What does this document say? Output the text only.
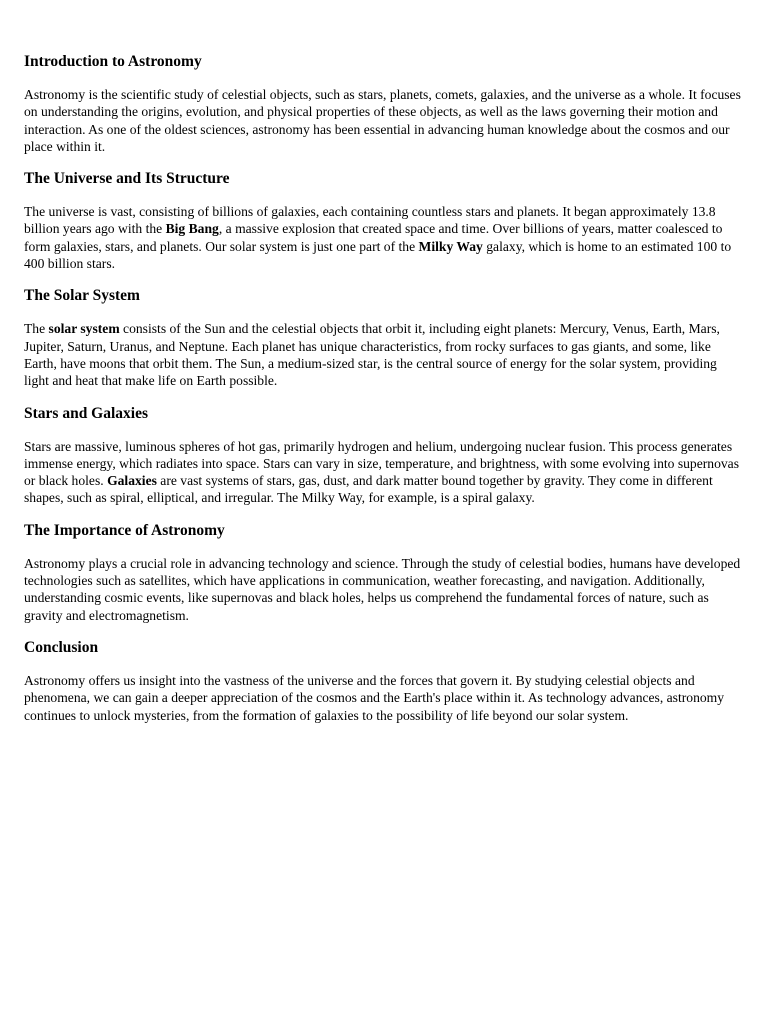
Introduction to Astronomy

Astronomy is the scientific study of celestial objects, such as stars, planets, comets, galaxies, and the universe as a whole. It focuses on understanding the origins, evolution, and physical properties of these objects, as well as the laws governing their motion and interaction. As one of the oldest sciences, astronomy has been essential in advancing human knowledge about the cosmos and our place within it.

The Universe and Its Structure

The universe is vast, consisting of billions of galaxies, each containing countless stars and planets. It began approximately 13.8 billion years ago with the Big Bang, a massive explosion that created space and time. Over billions of years, matter coalesced to form galaxies, stars, and planets. Our solar system is just one part of the Milky Way galaxy, which is home to an estimated 100 to 400 billion stars.

The Solar System

The solar system consists of the Sun and the celestial objects that orbit it, including eight planets: Mercury, Venus, Earth, Mars, Jupiter, Saturn, Uranus, and Neptune. Each planet has unique characteristics, from rocky surfaces to gas giants, and some, like Earth, have moons that orbit them. The Sun, a medium-sized star, is the central source of energy for the solar system, providing light and heat that make life on Earth possible.

Stars and Galaxies

Stars are massive, luminous spheres of hot gas, primarily hydrogen and helium, undergoing nuclear fusion. This process generates immense energy, which radiates into space. Stars can vary in size, temperature, and brightness, with some evolving into supernovas or black holes. Galaxies are vast systems of stars, gas, dust, and dark matter bound together by gravity. They come in different shapes, such as spiral, elliptical, and irregular. The Milky Way, for example, is a spiral galaxy.

The Importance of Astronomy

Astronomy plays a crucial role in advancing technology and science. Through the study of celestial bodies, humans have developed technologies such as satellites, which have applications in communication, weather forecasting, and navigation. Additionally, understanding cosmic events, like supernovas and black holes, helps us comprehend the fundamental forces of nature, such as gravity and electromagnetism.

Conclusion

Astronomy offers us insight into the vastness of the universe and the forces that govern it. By studying celestial objects and phenomena, we can gain a deeper appreciation of the cosmos and the Earth's place within it. As technology advances, astronomy continues to unlock mysteries, from the formation of galaxies to the possibility of life beyond our solar system.
